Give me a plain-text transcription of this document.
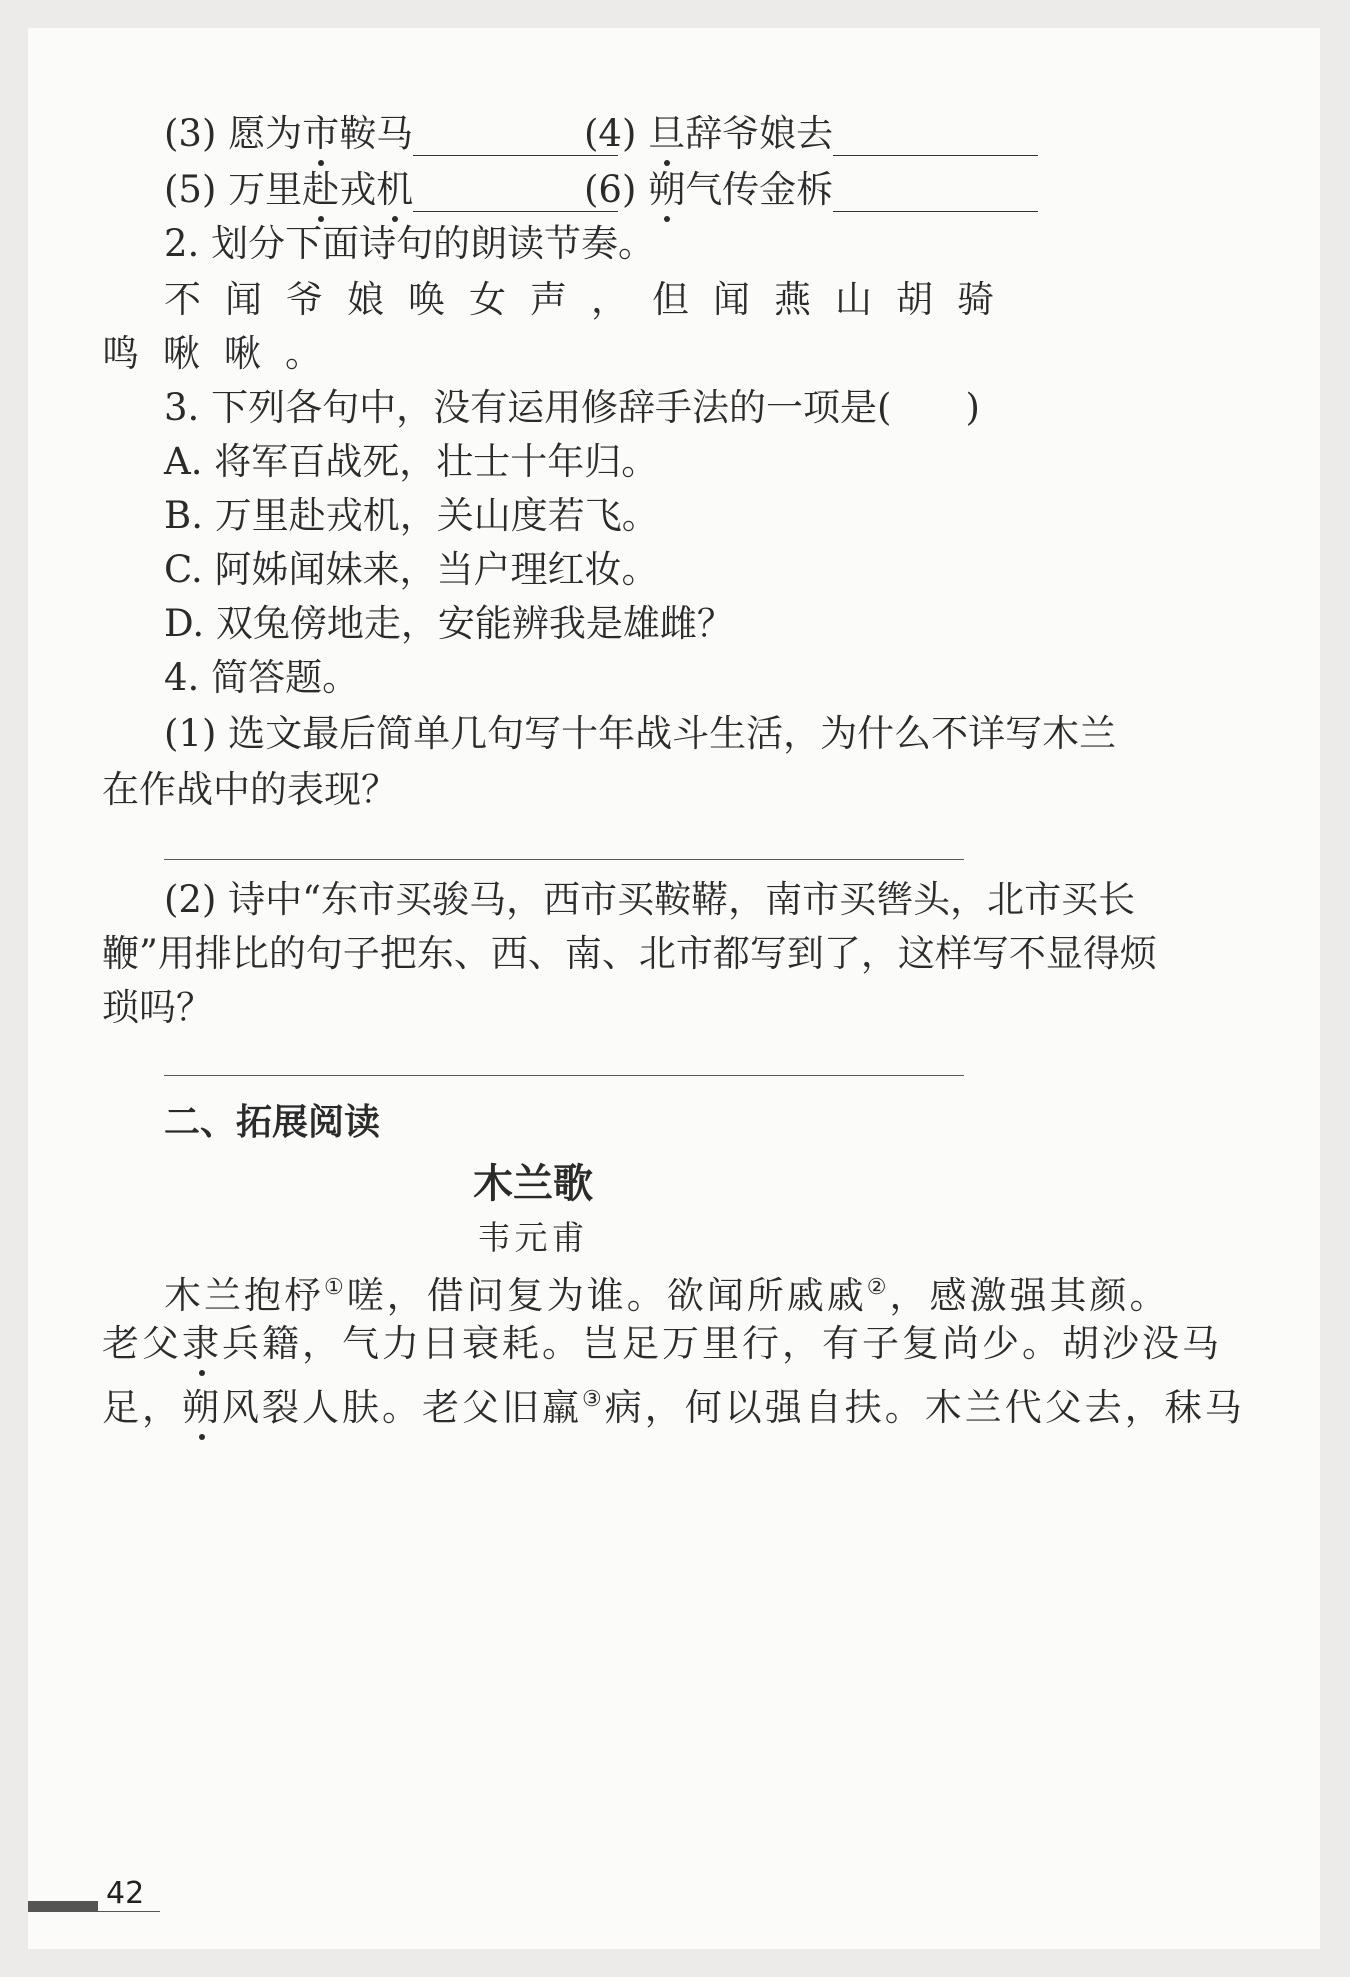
(3) 愿为市鞍马	(4) 旦辞爷娘去
(5) 万里赴戎机	(6) 朔气传金柝
2. 划分下面诗句的朗读节奏。
不闻爷娘唤女声，但闻燕山胡骑
鸣啾啾。
3. 下列各句中，没有运用修辞手法的一项是(　　)
A. 将军百战死，壮士十年归。
B. 万里赴戎机，关山度若飞。
C. 阿姊闻妹来，当户理红妆。
D. 双兔傍地走，安能辨我是雄雌？
4. 简答题。
(1) 选文最后简单几句写十年战斗生活，为什么不详写木兰
在作战中的表现？
(2) 诗中“东市买骏马，西市买鞍鞯，南市买辔头，北市买长
鞭”用排比的句子把东、西、南、北市都写到了，这样写不显得烦
琐吗？
二、拓展阅读
木兰歌
韦元甫
木兰抱杼①嗟，借问复为谁。欲闻所戚戚②，感激强其颜。
老父隶兵籍，气力日衰耗。岂足万里行，有子复尚少。胡沙没马
足，朔风裂人肤。老父旧羸③病，何以强自扶。木兰代父去，秣马
42
